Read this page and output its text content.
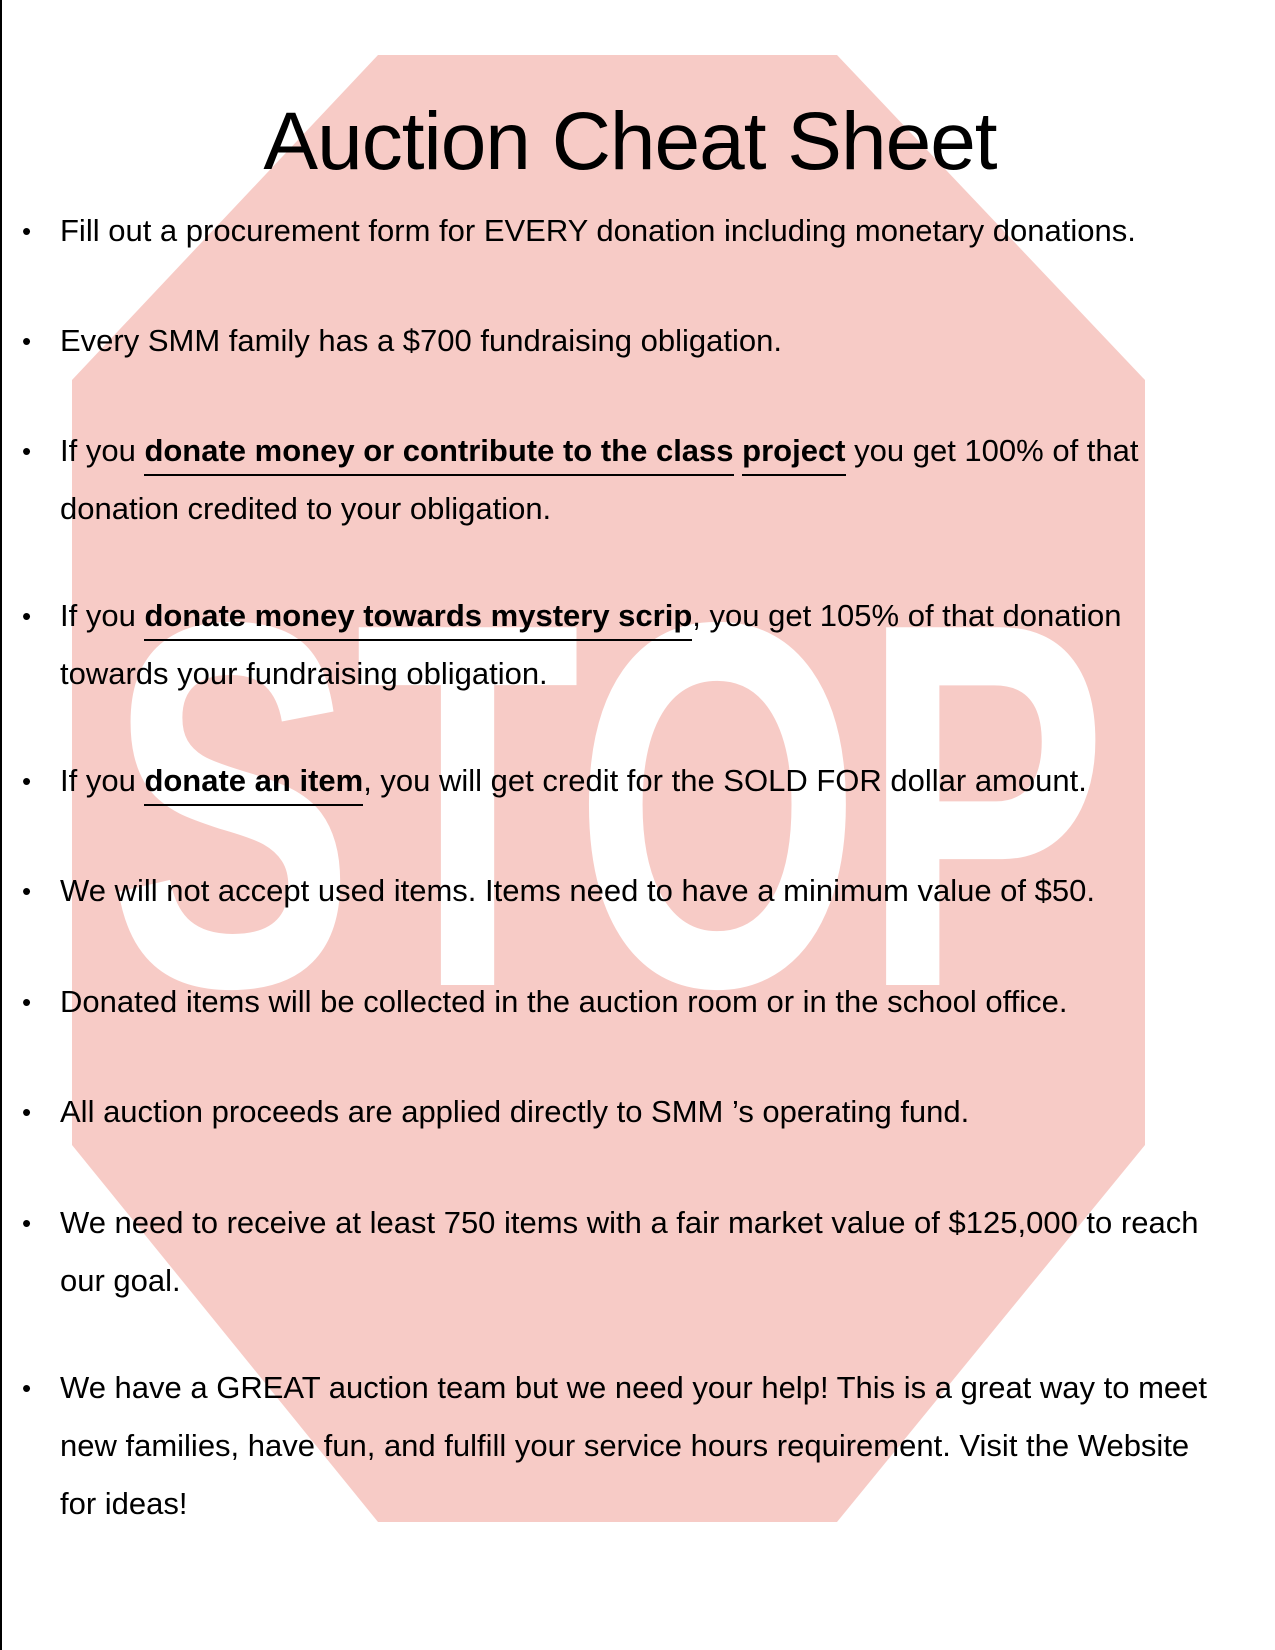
STOP
Auction Cheat Sheet
• Fill out a procurement form for EVERY donation including monetary donations.
• Every SMM family has a $700 fundraising obligation.
• If you donate money or contribute to the class project you get 100% of that donation credited to your obligation.
• If you donate money towards mystery scrip, you get 105% of that donation towards your fundraising obligation.
• If you donate an item, you will get credit for the SOLD FOR dollar amount.
• We will not accept used items. Items need to have a minimum value of $50.
• Donated items will be collected in the auction room or in the school office.
• All auction proceeds are applied directly to SMM ’s operating fund.
• We need to receive at least 750 items with a fair market value of $125,000 to reach our goal.
• We have a GREAT auction team but we need your help! This is a great way to meet new families, have fun, and fulfill your service hours requirement. Visit the Website for ideas!
